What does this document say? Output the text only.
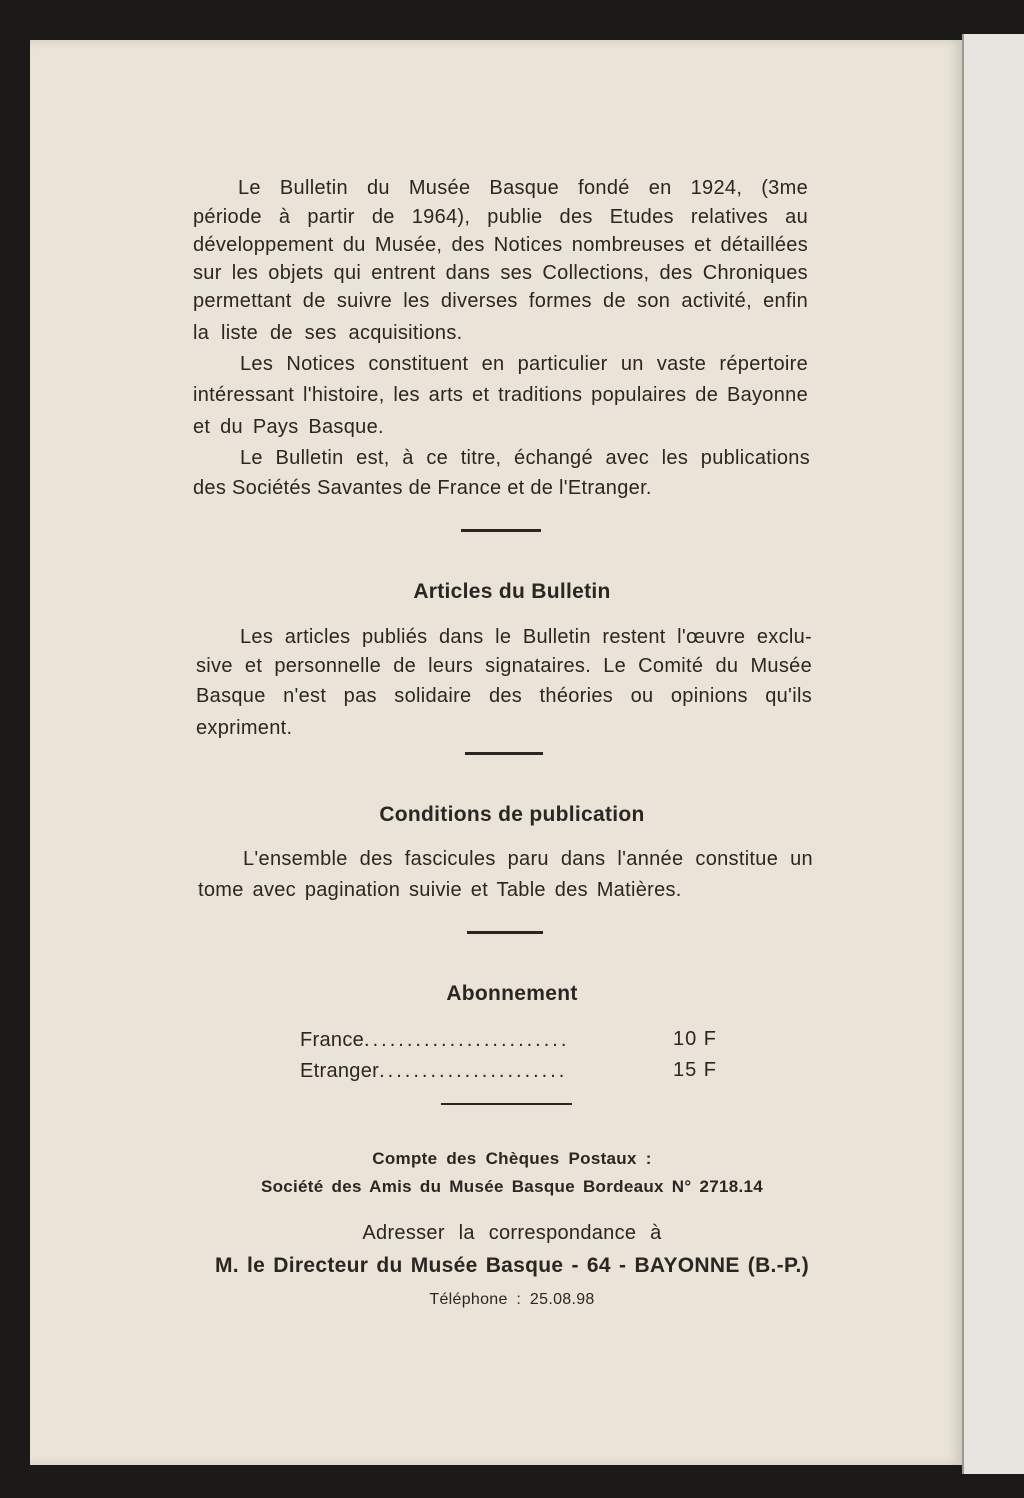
Le Bulletin du Musée Basque fondé en 1924, (3me
période à partir de 1964), publie des Etudes relatives au
développement du Musée, des Notices nombreuses et détaillées
sur les objets qui entrent dans ses Collections, des Chroniques
permettant de suivre les diverses formes de son activité, enfin
la liste de ses acquisitions.
Les Notices constituent en particulier un vaste répertoire
intéressant l'histoire, les arts et traditions populaires de Bayonne
et du Pays Basque.
Le Bulletin est, à ce titre, échangé avec les publications
des Sociétés Savantes de France et de l'Etranger.
Articles du Bulletin
Les articles publiés dans le Bulletin restent l'œuvre exclu-
sive et personnelle de leurs signataires. Le Comité du Musée
Basque n'est pas solidaire des théories ou opinions qu'ils
expriment.
Conditions de publication
L'ensemble des fascicules paru dans l'année constitue un
tome avec pagination suivie et Table des Matières.
Abonnement
France........................	10 F
Etranger......................	15 F
Compte des Chèques Postaux :
Société des Amis du Musée Basque Bordeaux N° 2718.14
Adresser la correspondance à
M. le Directeur du Musée Basque - 64 - BAYONNE (B.-P.)
Téléphone : 25.08.98
